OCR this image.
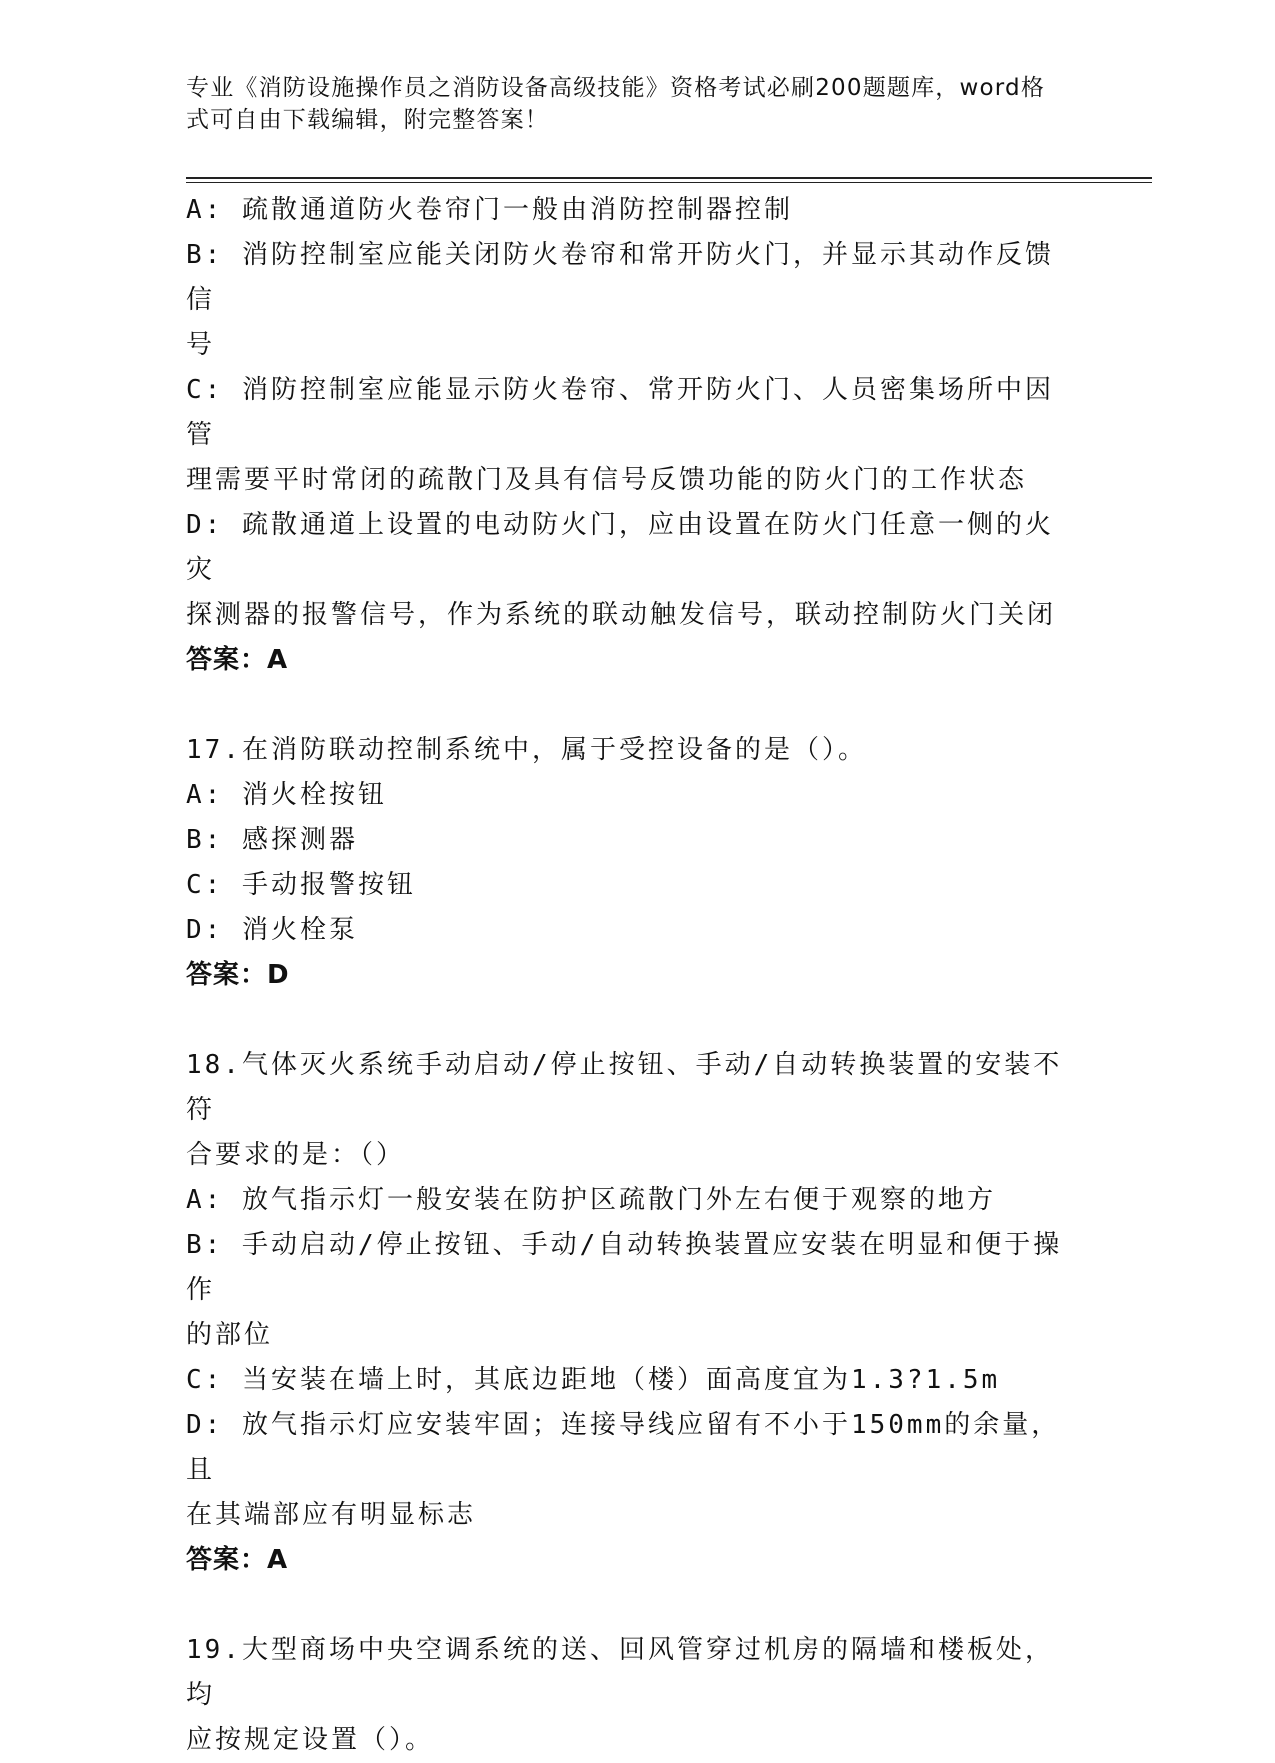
专业《消防设施操作员之消防设备高级技能》资格考试必刷200题题库，word格
式可自由下载编辑，附完整答案！
A: 疏散通道防火卷帘门一般由消防控制器控制
B: 消防控制室应能关闭防火卷帘和常开防火门，并显示其动作反馈信
号
C: 消防控制室应能显示防火卷帘、常开防火门、人员密集场所中因管
理需要平时常闭的疏散门及具有信号反馈功能的防火门的工作状态
D: 疏散通道上设置的电动防火门，应由设置在防火门任意一侧的火灾
探测器的报警信号，作为系统的联动触发信号，联动控制防火门关闭
答案：A
17.在消防联动控制系统中，属于受控设备的是（）。
A: 消火栓按钮
B: 感探测器
C: 手动报警按钮
D: 消火栓泵
答案：D
18.气体灭火系统手动启动/停止按钮、手动/自动转换装置的安装不符
合要求的是：（）
A: 放气指示灯一般安装在防护区疏散门外左右便于观察的地方
B: 手动启动/停止按钮、手动/自动转换装置应安装在明显和便于操作
的部位
C: 当安装在墙上时，其底边距地（楼）面高度宜为1.3?1.5m
D: 放气指示灯应安装牢固；连接导线应留有不小于150mm的余量，且
在其端部应有明显标志
答案：A
19.大型商场中央空调系统的送、回风管穿过机房的隔墙和楼板处，均
应按规定设置（）。
